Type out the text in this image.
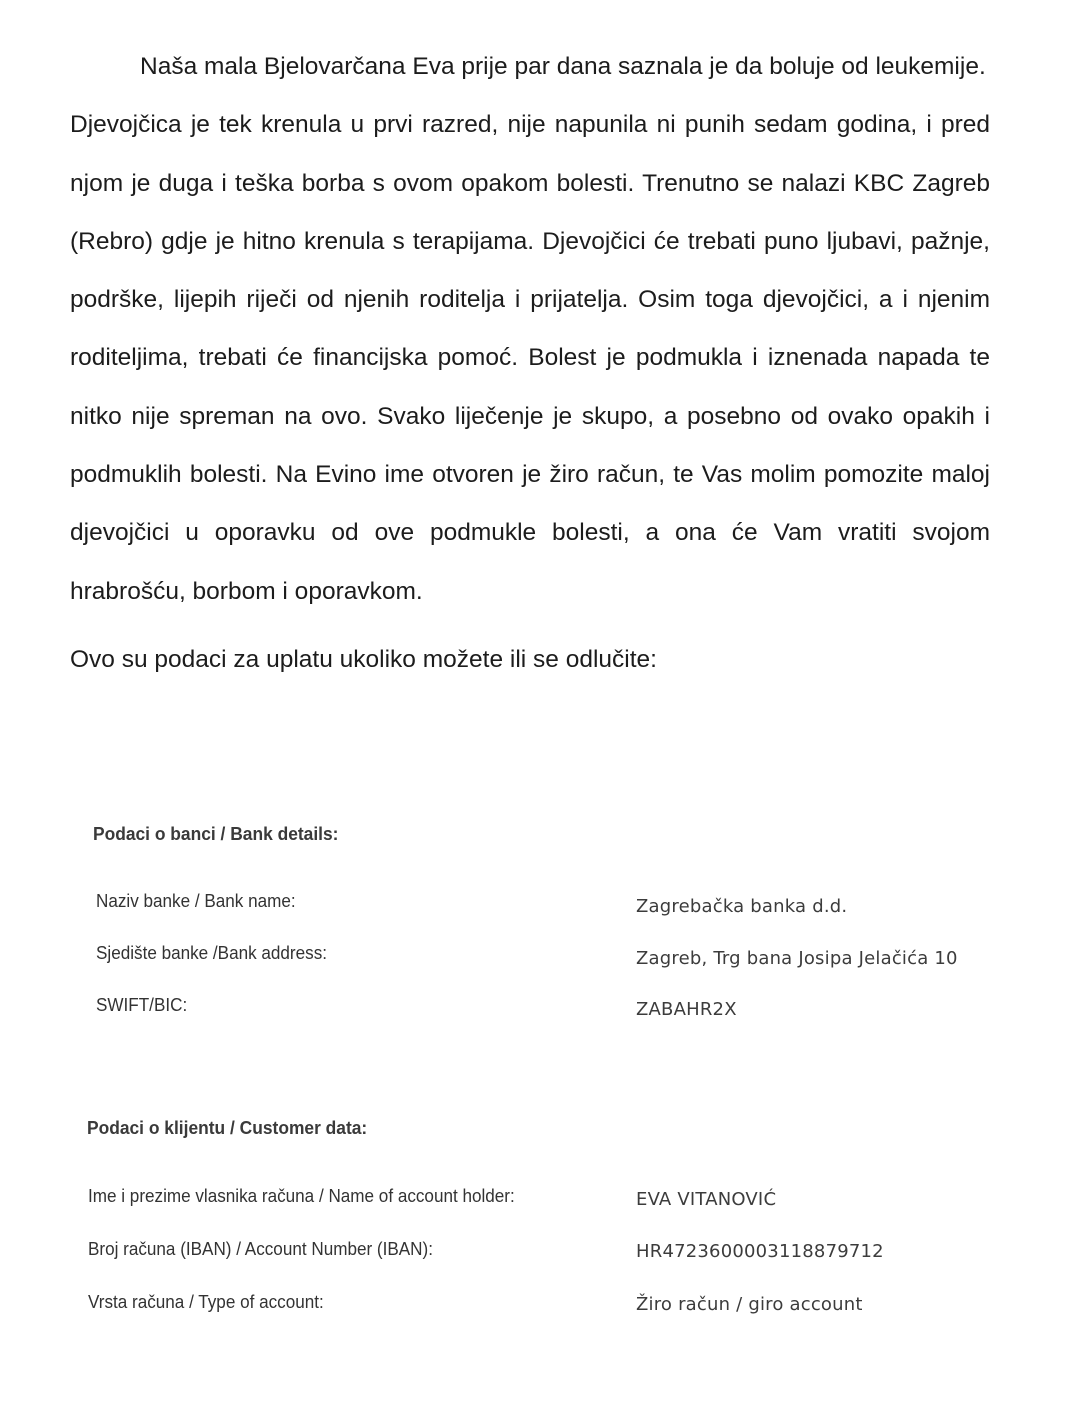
Naša mala Bjelovarčana Eva prije par dana saznala je da boluje od leukemije.
Djevojčica je tek krenula u prvi razred, nije napunila ni punih sedam godina, i pred
njom je duga i teška borba s ovom opakom bolesti. Trenutno se nalazi KBC Zagreb
(Rebro) gdje je hitno krenula s terapijama. Djevojčici će trebati puno ljubavi, pažnje,
podrške, lijepih riječi od njenih roditelja i prijatelja. Osim toga djevojčici, a i njenim
roditeljima, trebati će financijska pomoć. Bolest je podmukla i iznenada napada te
nitko nije spreman na ovo. Svako liječenje je skupo, a posebno od ovako opakih i
podmuklih bolesti. Na Evino ime otvoren je žiro račun, te Vas molim pomozite maloj
djevojčici u oporavku od ove podmukle bolesti, a ona će Vam vratiti svojom
hrabrošću, borbom i oporavkom.
Ovo su podaci za uplatu ukoliko možete ili se odlučite:
Podaci o banci / Bank details:
Naziv banke / Bank name:	Zagrebačka banka d.d.
Sjedište banke /Bank address:	Zagreb, Trg bana Josipa Jelačića 10
SWIFT/BIC:	ZABAHR2X
Podaci o klijentu / Customer data:
Ime i prezime vlasnika računa / Name of account holder:	EVA VITANOVIĆ
Broj računa (IBAN) / Account Number (IBAN):	HR4723600003118879712
Vrsta računa / Type of account:	Žiro račun / giro account
